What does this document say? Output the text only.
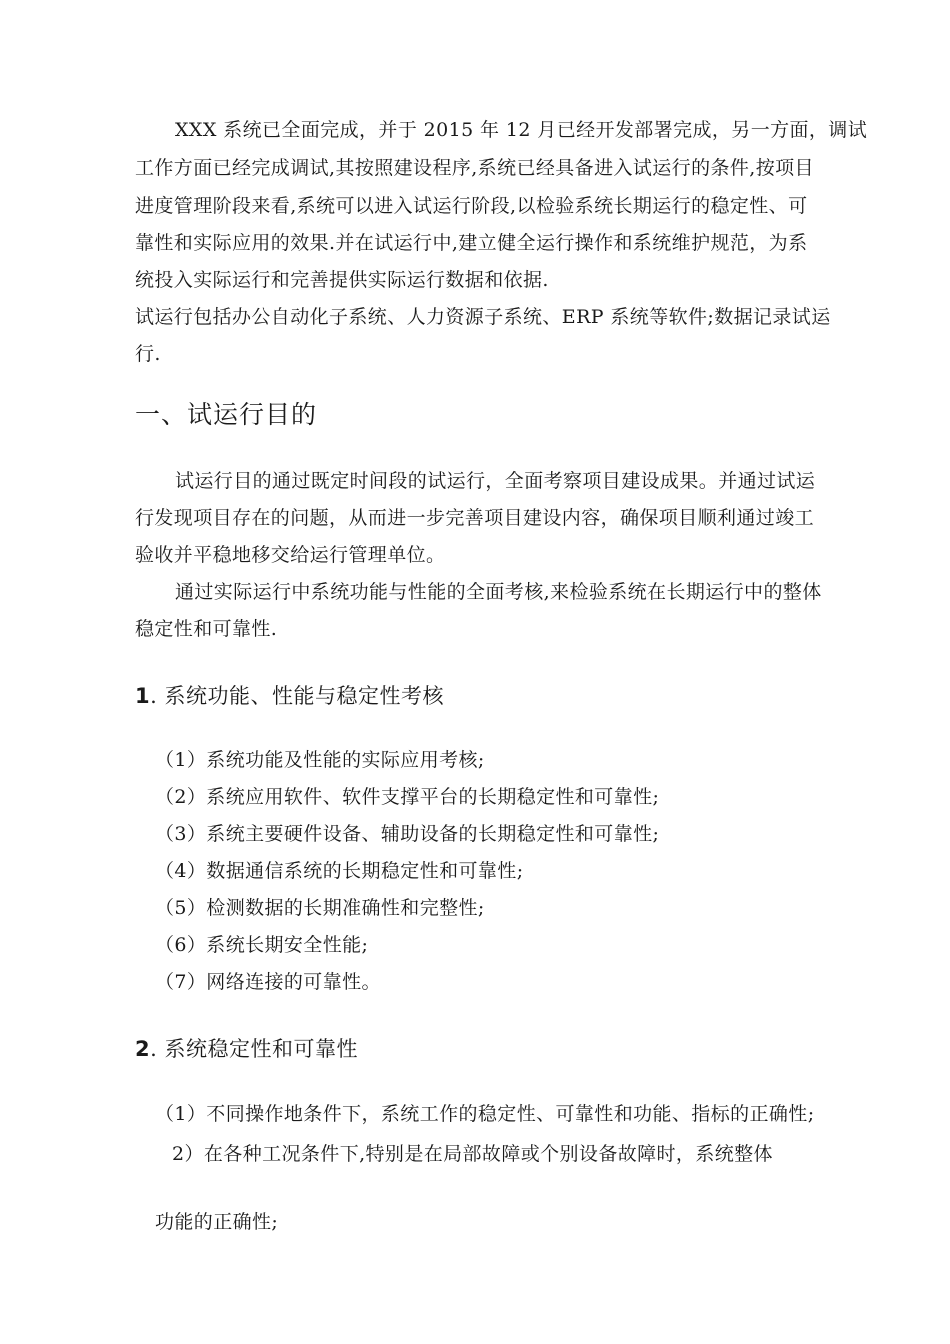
XXX 系统已全面完成，并于 2015 年 12 月已经开发部署完成，另一方面，调试
工作方面已经完成调试,其按照建设程序,系统已经具备进入试运行的条件,按项目
进度管理阶段来看,系统可以进入试运行阶段,以检验系统长期运行的稳定性、可
靠性和实际应用的效果.并在试运行中,建立健全运行操作和系统维护规范，为系
统投入实际运行和完善提供实际运行数据和依据.
试运行包括办公自动化子系统、人力资源子系统、ERP 系统等软件;数据记录试运
行.
一、试运行目的
试运行目的通过既定时间段的试运行，全面考察项目建设成果。并通过试运
行发现项目存在的问题，从而进一步完善项目建设内容，确保项目顺利通过竣工
验收并平稳地移交给运行管理单位。
通过实际运行中系统功能与性能的全面考核,来检验系统在长期运行中的整体
稳定性和可靠性.
1. 系统功能、性能与稳定性考核
（1）系统功能及性能的实际应用考核;
（2）系统应用软件、软件支撑平台的长期稳定性和可靠性;
（3）系统主要硬件设备、辅助设备的长期稳定性和可靠性;
（4）数据通信系统的长期稳定性和可靠性;
（5）检测数据的长期准确性和完整性;
（6）系统长期安全性能;
（7）网络连接的可靠性。
2. 系统稳定性和可靠性
（1）不同操作地条件下，系统工作的稳定性、可靠性和功能、指标的正确性;
2）在各种工况条件下,特别是在局部故障或个别设备故障时，系统整体
功能的正确性;
